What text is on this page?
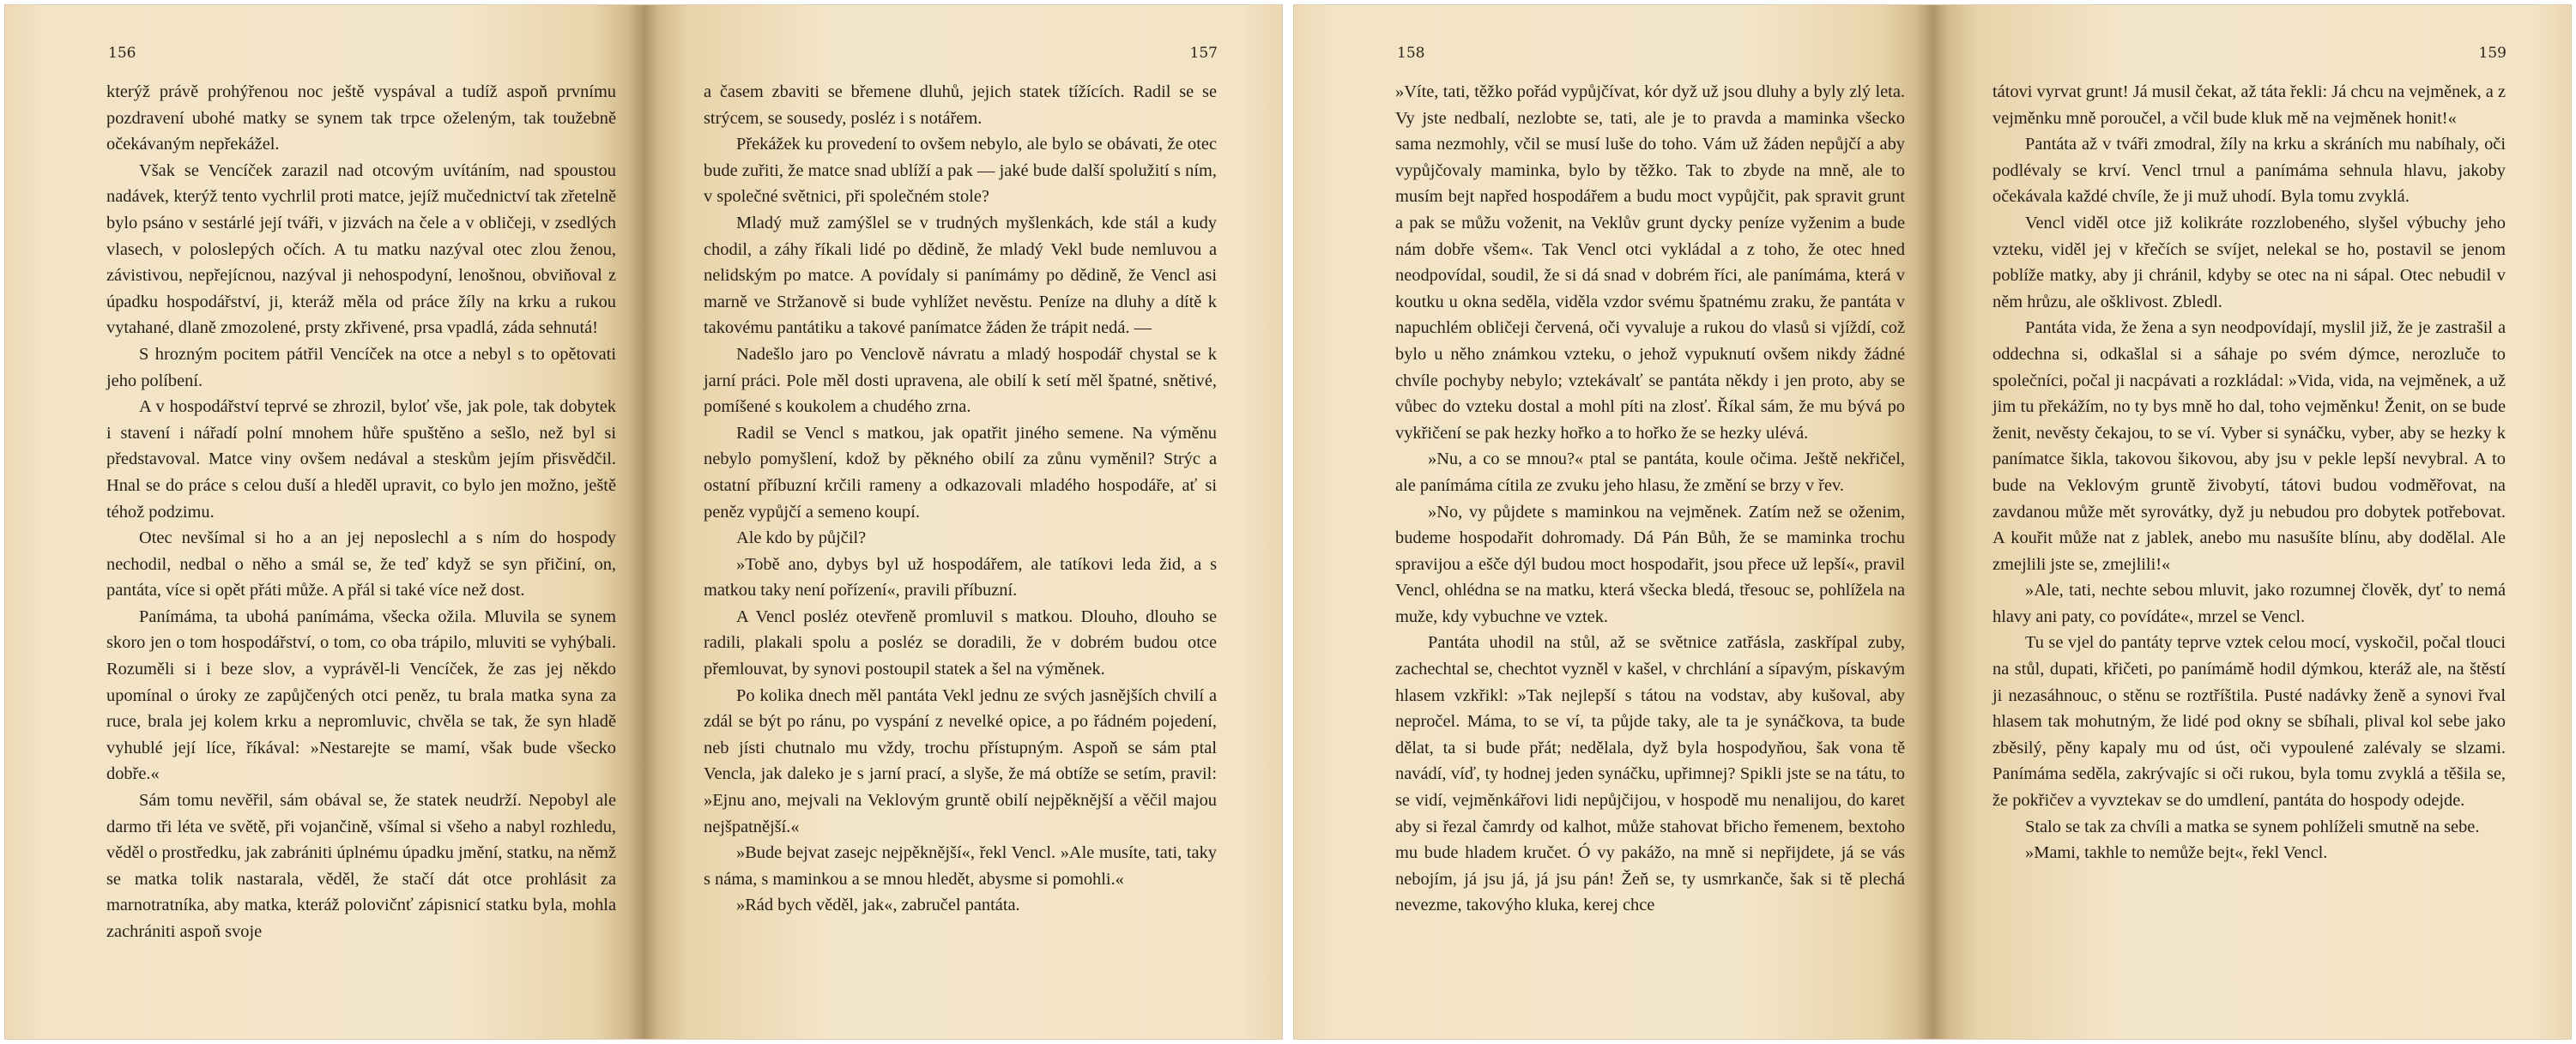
156

kterýž právě prohýřenou noc ještě vyspával a tudíž aspoň prvnímu pozdravení ubohé matky se synem tak trpce oželeným, tak toužebně očekávaným nepřekážel.

Však se Vencíček zarazil nad otcovým uvítáním, nad spoustou nadávek, kterýž tento vychrlil proti matce, jejíž mučednictví tak zřetelně bylo psáno v sestárlé její tváři, v jizvách na čele a v obličeji, v zsedlých vlasech, v poloslepých očích. A tu matku nazýval otec zlou ženou, závistivou, nepřejícnou, nazýval ji nehospodyní, lenošnou, obviňoval z úpadku hospodářství, ji, kteráž měla od práce žíly na krku a rukou vytahané, dlaně zmozolené, prsty zkřivené, prsa vpadlá, záda sehnutá!

S hrozným pocitem pátřil Vencíček na otce a nebyl s to opětovati jeho políbení.

A v hospodářství teprvé se zhrozil, byloť vše, jak pole, tak dobytek i stavení i nářadí polní mnohem hůře spuštěno a sešlo, než byl si představoval. Matce viny ovšem nedával a steskům jejím přisvědčil. Hnal se do práce s celou duší a hleděl upravit, co bylo jen možno, ještě téhož podzimu.

Otec nevšímal si ho a an jej neposlechl a s ním do hospody nechodil, nedbal o něho a smál se, že teď když se syn přičiní, on, pantáta, více si opět přáti může. A přál si také více než dost.

Panímáma, ta ubohá panímáma, všecka ožila. Mluvila se synem skoro jen o tom hospodářství, o tom, co oba trápilo, mluviti se vyhýbali. Rozuměli si i beze slov, a vyprávěl-li Vencíček, že zas jej někdo upomínal o úroky ze zapůjčených otci peněz, tu brala matka syna za ruce, brala jej kolem krku a nepromluvic, chvěla se tak, že syn hladě vyhublé její líce, říkával: »Nestarejte se mamí, však bude všecko dobře.«

Sám tomu nevěřil, sám obával se, že statek neudrží. Nepobyl ale darmo tři léta ve světě, při vojančině, všímal si všeho a nabyl rozhledu, věděl o prostředku, jak zabrániti úplnému úpadku jmění, statku, na němž se matka tolik nastarala, věděl, že stačí dát otce prohlásit za marnotratníka, aby matka, kteráž polovičnť zápisnicí statku byla, mohla zachrániti aspoň svoje

157

a časem zbaviti se břemene dluhů, jejich statek tížících. Radil se se strýcem, se sousedy, posléz i s notářem.

Překážek ku provedení to ovšem nebylo, ale bylo se obávati, že otec bude zuřiti, že matce snad ublíží a pak — jaké bude další spolužití s ním, v společné světnici, při společném stole?

Mladý muž zamýšlel se v trudných myšlenkách, kde stál a kudy chodil, a záhy říkali lidé po dědině, že mladý Vekl bude nemluvou a nelidským po matce. A povídaly si panímámy po dědině, že Vencl asi marně ve Stržanově si bude vyhlížet nevěstu. Peníze na dluhy a dítě k takovému pantátiku a takové panímatce žáden že trápit nedá. —

Nadešlo jaro po Venclově návratu a mladý hospodář chystal se k jarní práci. Pole měl dosti upravena, ale obilí k setí měl špatné, snětivé, pomíšené s koukolem a chudého zrna.

Radil se Vencl s matkou, jak opatřit jiného semene. Na výměnu nebylo pomyšlení, kdož by pěkného obilí za zůnu vyměnil? Strýc a ostatní příbuzní krčili rameny a odkazovali mladého hospodáře, ať si peněz vypůjčí a semeno koupí.

Ale kdo by půjčil?

»Tobě ano, dybys byl už hospodářem, ale tatíkovi leda žid, a s matkou taky není pořízení«, pravili příbuzní.

A Vencl posléz otevřeně promluvil s matkou. Dlouho, dlouho se radili, plakali spolu a posléz se doradili, že v dobrém budou otce přemlouvat, by synovi postoupil statek a šel na výměnek.

Po kolika dnech měl pantáta Vekl jednu ze svých jasnějších chvilí a zdál se být po ránu, po vyspání z nevelké opice, a po řádném pojedení, neb jísti chutnalo mu vždy, trochu přístupným. Aspoň se sám ptal Vencla, jak daleko je s jarní prací, a slyše, že má obtíže se setím, pravil: »Ejnu ano, mejvali na Veklovým gruntě obilí nejpěknější a věčil majou nejšpatnější.«

»Bude bejvat zasejc nejpěknější«, řekl Vencl. »Ale musíte, tati, taky s náma, s maminkou a se mnou hledět, abysme si pomohli.«

»Rád bych věděl, jak«, zabručel pantáta.

158

»Víte, tati, těžko pořád vypůjčívat, kór dyž už jsou dluhy a byly zlý leta. Vy jste nedbalí, nezlobte se, tati, ale je to pravda a maminka všecko sama nezmohly, včil se musí luše do toho. Vám už žáden nepůjčí a aby vypůjčovaly maminka, bylo by těžko. Tak to zbyde na mně, ale to musím bejt napřed hospodářem a budu moct vypůjčit, pak spravit grunt a pak se můžu voženit, na Veklův grunt dycky peníze vyženim a bude nám dobře všem«. Tak Vencl otci vykládal a z toho, že otec hned neodpovídal, soudil, že si dá snad v dobrém říci, ale panímáma, která v koutku u okna seděla, viděla vzdor svému špatnému zraku, že pantáta v napuchlém obličeji červená, oči vyvaluje a rukou do vlasů si vjíždí, což bylo u něho známkou vzteku, o jehož vypuknutí ovšem nikdy žádné chvíle pochyby nebylo; vztekávalť se pantáta někdy i jen proto, aby se vůbec do vzteku dostal a mohl píti na zlosť. Říkal sám, že mu bývá po vykřičení se pak hezky hořko a to hořko že se hezky ulévá.

»Nu, a co se mnou?« ptal se pantáta, koule očima. Ještě nekřičel, ale panímáma cítila ze zvuku jeho hlasu, že změní se brzy v řev.

»No, vy půjdete s maminkou na vejměnek. Zatím než se oženim, budeme hospodařit dohromady. Dá Pán Bůh, že se maminka trochu spravijou a ešče dýl budou moct hospodařit, jsou přece už lepší«, pravil Vencl, ohlédna se na matku, která všecka bledá, třesouc se, pohlížela na muže, kdy vybuchne ve vztek.

Pantáta uhodil na stůl, až se světnice zatřásla, zaskřípal zuby, zachechtal se, chechtot vyzněl v kašel, v chrchlání a sípavým, pískavým hlasem vzkřikl: »Tak nejlepší s tátou na vodstav, aby kušoval, aby nepročel. Máma, to se ví, ta půjde taky, ale ta je synáčkova, ta bude dělat, ta si bude přát; nedělala, dyž byla hospodyňou, šak vona tě navádí, víď, ty hodnej jeden synáčku, upřimnej? Spikli jste se na tátu, to se vidí, vejměnkářovi lidi nepůjčijou, v hospodě mu nenalijou, do karet aby si řezal čamrdy od kalhot, může stahovat břicho řemenem, bextoho mu bude hladem kručet. Ó vy pakážo, na mně si nepřijdete, já se vás nebojím, já jsu já, já jsu pán! Žeň se, ty usmrkanče, šak si tě plechá nevezme, takovýho kluka, kerej chce

159

tátovi vyrvat grunt! Já musil čekat, až táta řekli: Já chcu na vejměnek, a z vejměnku mně poroučel, a včil bude kluk mě na vejměnek honit!«

Pantáta až v tváři zmodral, žíly na krku a skráních mu nabíhaly, oči podlévaly se krví. Vencl trnul a panímáma sehnula hlavu, jakoby očekávala každé chvíle, že ji muž uhodí. Byla tomu zvyklá.

Vencl viděl otce již kolikráte rozzlobeného, slyšel výbuchy jeho vzteku, viděl jej v křečích se svíjet, nelekal se ho, postavil se jenom poblíže matky, aby ji chránil, kdyby se otec na ni sápal. Otec nebudil v něm hrůzu, ale ošklivost. Zbledl.

Pantáta vida, že žena a syn neodpovídají, myslil již, že je zastrašil a oddechna si, odkašlal si a sáhaje po svém dýmce, nerozluče to společníci, počal ji nacpávati a rozkládal: »Vida, vida, na vejměnek, a už jim tu překážím, no ty bys mně ho dal, toho vejměnku! Ženit, on se bude ženit, nevěsty čekajou, to se ví. Vyber si synáčku, vyber, aby se hezky k panímatce šikla, takovou šikovou, aby jsu v pekle lepší nevybral. A to bude na Veklovým gruntě živobytí, tátovi budou vodměřovat, na zavdanou může mět syrovátky, dyž ju nebudou pro dobytek potřebovat. A kouřit může nat z jablek, anebo mu nasušíte blínu, aby dodělal. Ale zmejlili jste se, zmejlili!«

»Ale, tati, nechte sebou mluvit, jako rozumnej člověk, dyť to nemá hlavy ani paty, co povídáte«, mrzel se Vencl.

Tu se vjel do pantáty teprve vztek celou mocí, vyskočil, počal tlouci na stůl, dupati, křičeti, po panímámě hodil dýmkou, kteráž ale, na štěstí ji nezasáhnouc, o stěnu se roztříštila. Pusté nadávky ženě a synovi řval hlasem tak mohutným, že lidé pod okny se sbíhali, plival kol sebe jako zběsilý, pěny kapaly mu od úst, oči vypoulené zalévaly se slzami. Panímáma seděla, zakrývajíc si oči rukou, byla tomu zvyklá a těšila se, že pokřičev a vyvztekav se do umdlení, pantáta do hospody odejde.

Stalo se tak za chvíli a matka se synem pohlíželi smutně na sebe.

»Mami, takhle to nemůže bejt«, řekl Vencl.
